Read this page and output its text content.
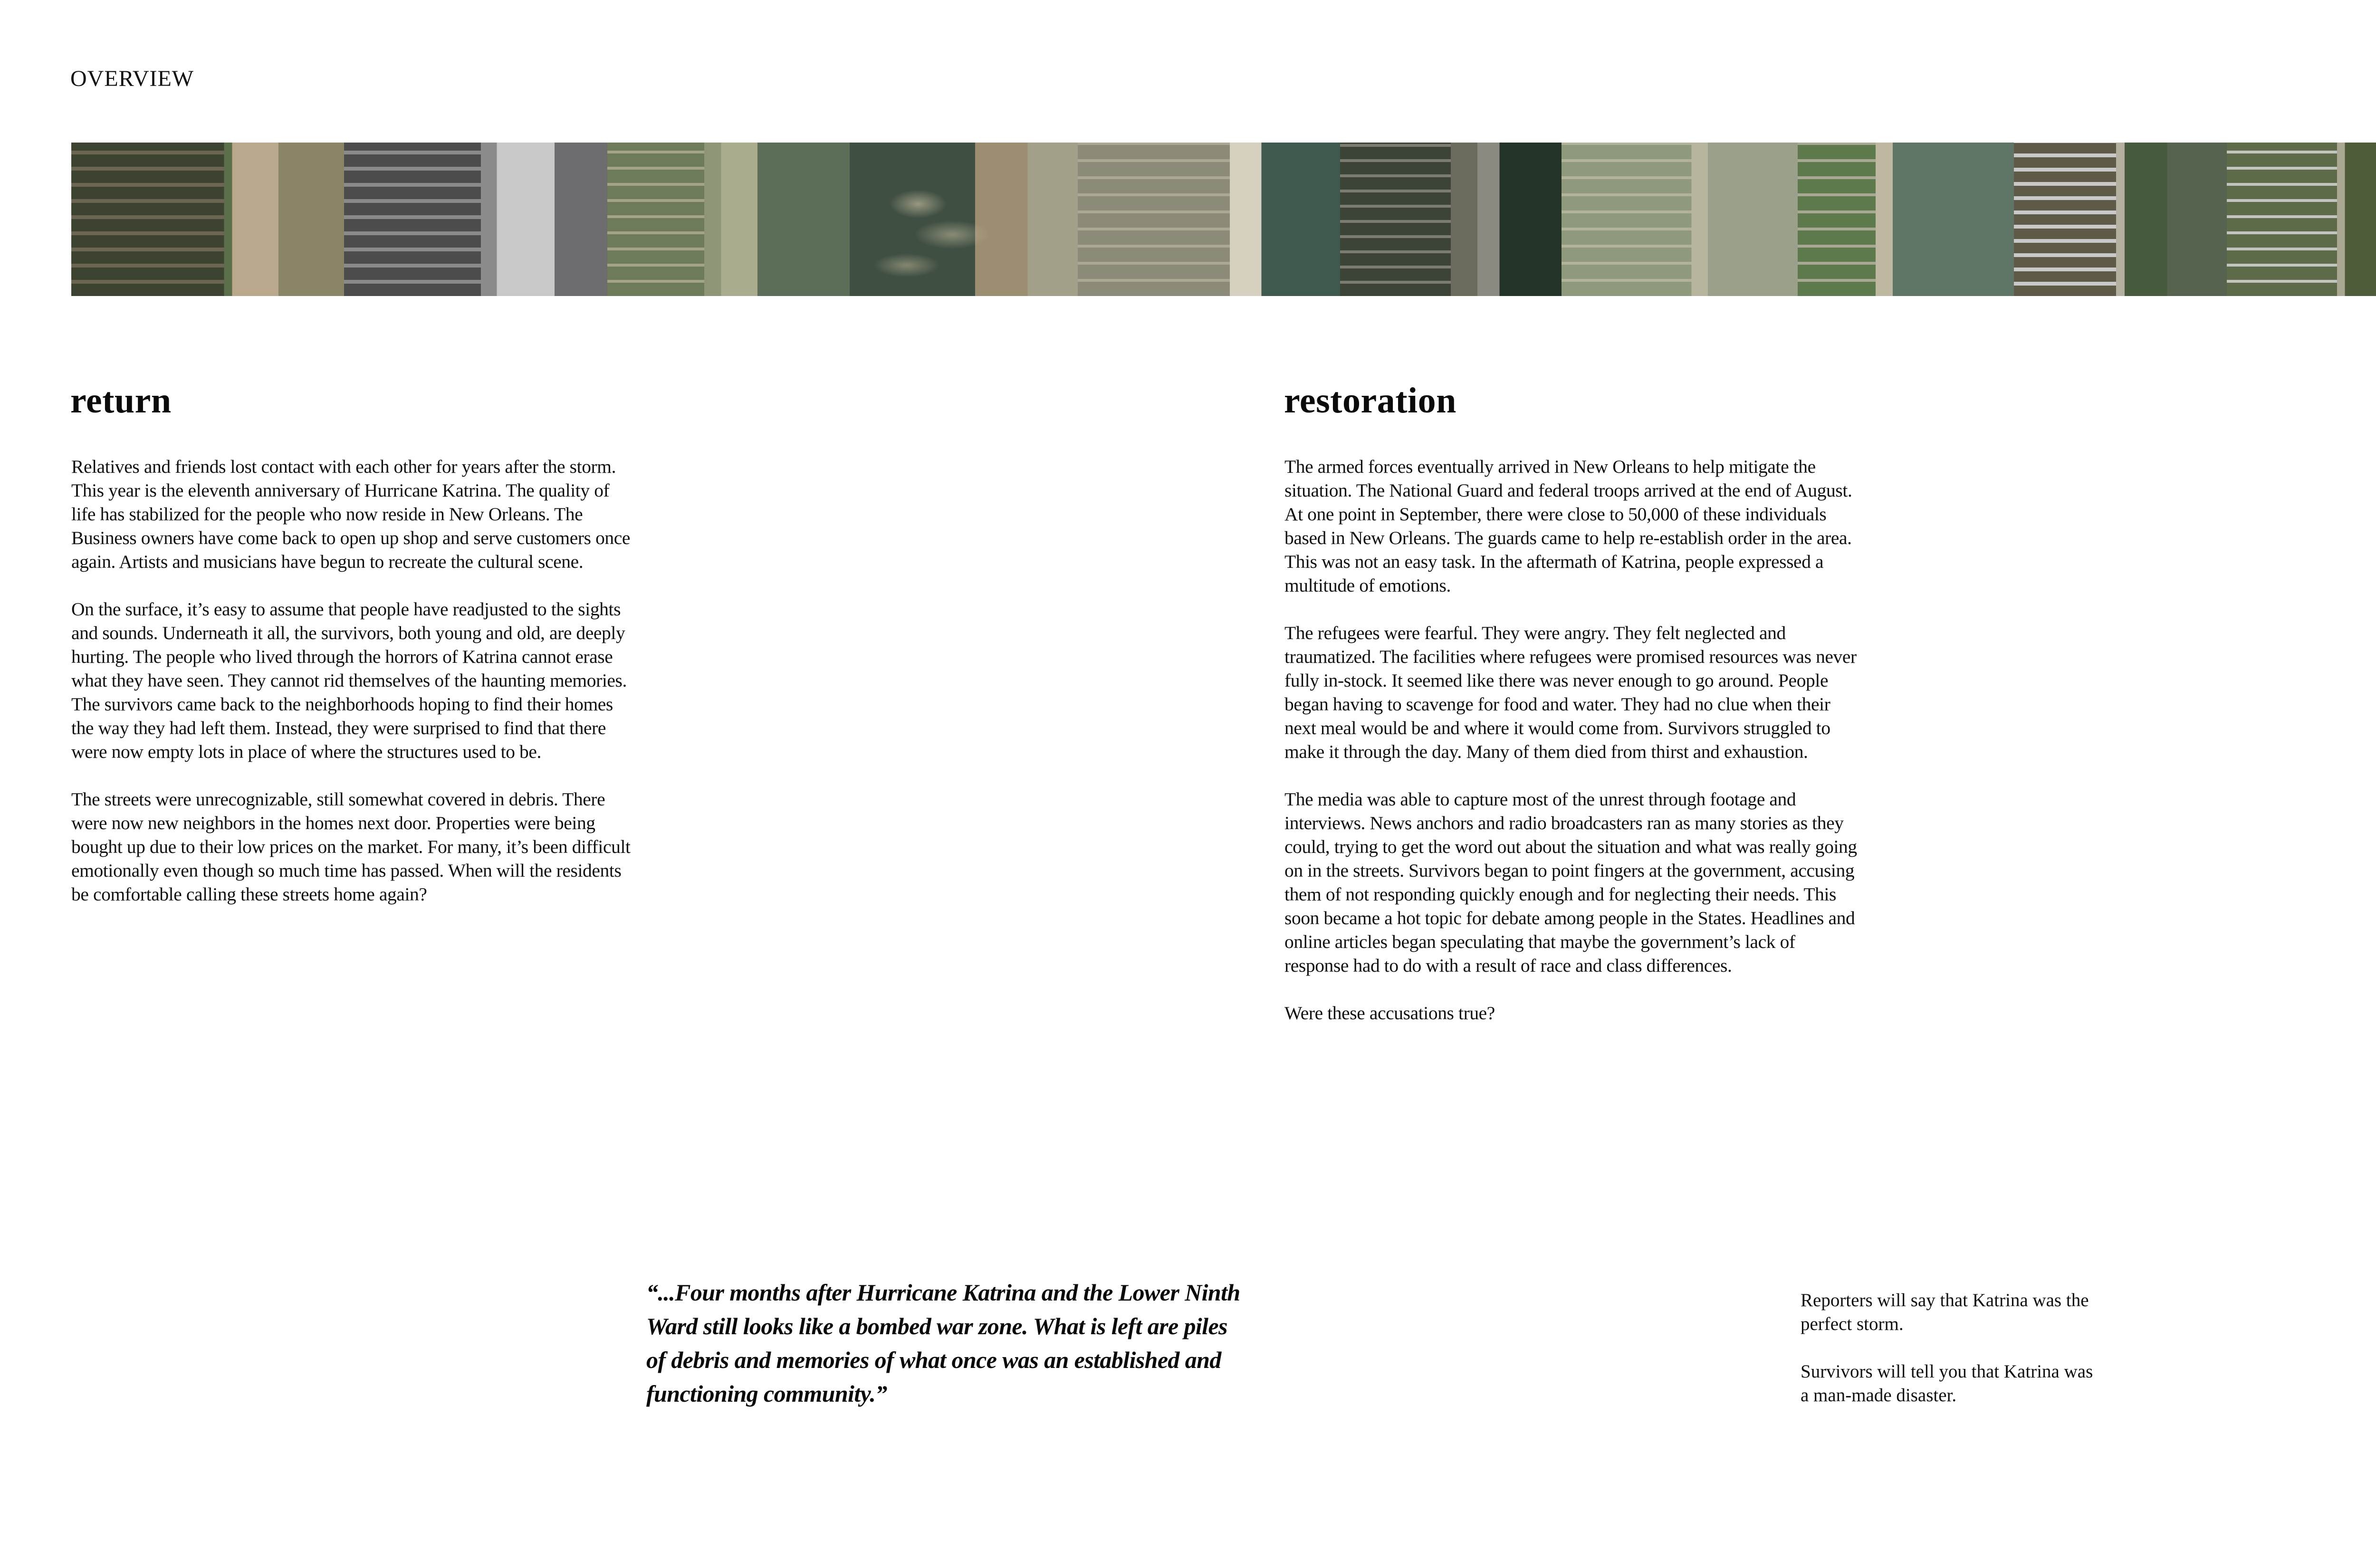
OVERVIEW
return

Relatives and friends lost contact with each other for years after the storm. This year is the eleventh anniversary of Hurricane Katrina. The quality of life has stabilized for the people who now reside in New Orleans. The Business owners have come back to open up shop and serve customers once again. Artists and musicians have begun to recreate the cultural scene.

On the surface, it’s easy to assume that people have readjusted to the sights and sounds. Underneath it all, the survivors, both young and old, are deeply hurting. The people who lived through the horrors of Katrina cannot erase what they have seen. They cannot rid themselves of the haunting memories. The survivors came back to the neighborhoods hoping to find their homes the way they had left them. Instead, they were surprised to find that there were now empty lots in place of where the structures used to be.

The streets were unrecognizable, still somewhat covered in debris. There were now new neighbors in the homes next door. Properties were being bought up due to their low prices on the market. For many, it’s been difficult emotionally even though so much time has passed. When will the residents be comfortable calling these streets home again?

restoration

The armed forces eventually arrived in New Orleans to help mitigate the situation. The National Guard and federal troops arrived at the end of August. At one point in September, there were close to 50,000 of these individuals based in New Orleans. The guards came to help re-establish order in the area. This was not an easy task. In the aftermath of Katrina, people expressed a multitude of emotions.

The refugees were fearful. They were angry. They felt neglected and traumatized. The facilities where refugees were promised resources was never fully in-stock. It seemed like there was never enough to go around. People began having to scavenge for food and water. They had no clue when their next meal would be and where it would come from. Survivors struggled to make it through the day. Many of them died from thirst and exhaustion.

The media was able to capture most of the unrest through footage and interviews. News anchors and radio broadcasters ran as many stories as they could, trying to get the word out about the situation and what was really going on in the streets. Survivors began to point fingers at the government, accusing them of not responding quickly enough and for neglecting their needs. This soon became a hot topic for debate among people in the States. Headlines and online articles began speculating that maybe the government’s lack of response had to do with a result of race and class differences.

Were these accusations true?

“...Four months after Hurricane Katrina and the Lower Ninth Ward still looks like a bombed war zone. What is left are piles of debris and memories of what once was an established and functioning community.”

Reporters will say that Katrina was the perfect storm.

Survivors will tell you that Katrina was a man-made disaster.
